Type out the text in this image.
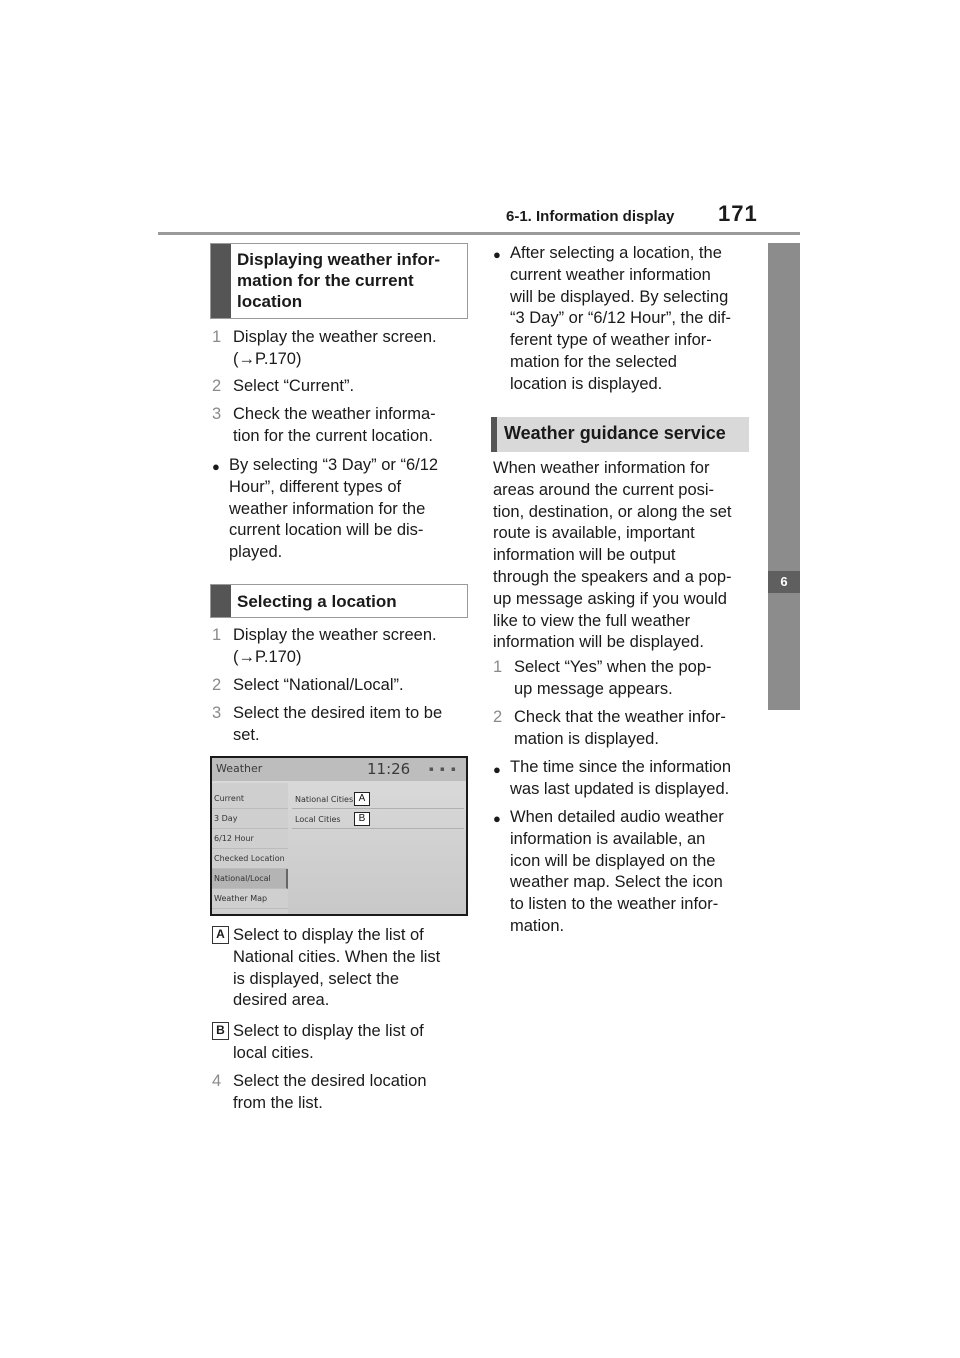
6-1. Information display 171
6
Information
Displaying weather infor-
mation for the current
location
1 Display the weather screen.
(→P.170)
2 Select “Current”.
3 Check the weather informa-
tion for the current location.
● By selecting “3 Day” or “6/12
Hour”, different types of
weather information for the
current location will be dis-
played.
Selecting a location
1 Display the weather screen.
(→P.170)
2 Select “National/Local”.
3 Select the desired item to be
set.
Weather	11:26	▪ ▪ ▪
Current
3 Day
6/12 Hour
Checked Location
National/Local
Weather Map
National Cities
Local Cities
A
B
A Select to display the list of
National cities. When the list
is displayed, select the
desired area.
B Select to display the list of
local cities.
4 Select the desired location
from the list.
● After selecting a location, the
current weather information
will be displayed. By selecting
“3 Day” or “6/12 Hour”, the dif-
ferent type of weather infor-
mation for the selected
location is displayed.
Weather guidance service
When weather information for
areas around the current posi-
tion, destination, or along the set
route is available, important
information will be output
through the speakers and a pop-
up message asking if you would
like to view the full weather
information will be displayed.
1 Select “Yes” when the pop-
up message appears.
2 Check that the weather infor-
mation is displayed.
● The time since the information
was last updated is displayed.
● When detailed audio weather
information is available, an
icon will be displayed on the
weather map. Select the icon
to listen to the weather infor-
mation.
